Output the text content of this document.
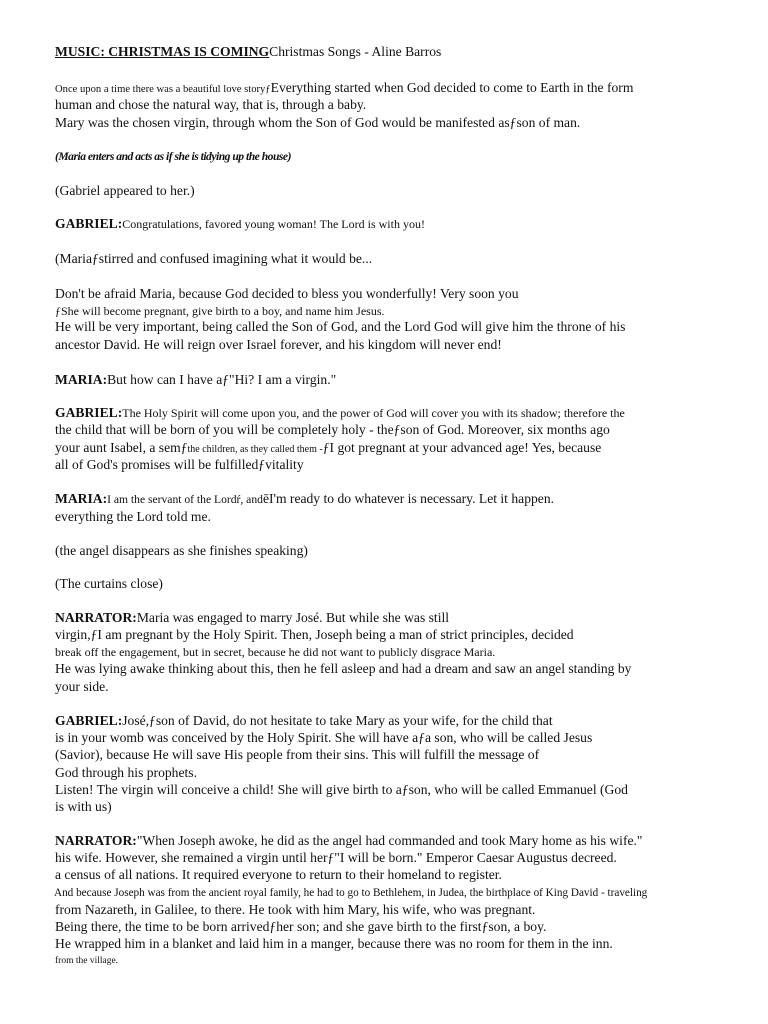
MUSIC: CHRISTMAS IS COMINGChristmas Songs - Aline Barros
Once upon a time there was a beautiful love storyƒEverything started when God decided to come to Earth in the form
human and chose the natural way, that is, through a baby.
Mary was the chosen virgin, through whom the Son of God would be manifested asƒson of man.
(Maria enters and acts as if she is tidying up the house)
(Gabriel appeared to her.)
GABRIEL:Congratulations, favored young woman! The Lord is with you!
(Mariaƒstirred and confused imagining what it would be...
Don't be afraid Maria, because God decided to bless you wonderfully! Very soon you
ƒShe will become pregnant, give birth to a boy, and name him Jesus.
He will be very important, being called the Son of God, and the Lord God will give him the throne of his
ancestor David. He will reign over Israel forever, and his kingdom will never end!
MARIA:But how can I have aƒ"Hi? I am a virgin."
GABRIEL:The Holy Spirit will come upon you, and the power of God will cover you with its shadow; therefore the
the child that will be born of you will be completely holy - theƒson of God. Moreover, six months ago
your aunt Isabel, a semƒthe children, as they called them -ƒI got pregnant at your advanced age! Yes, because
all of God's promises will be fulfilledƒvitality
MARIA:I am the servant of the Lordŕ, andēI'm ready to do whatever is necessary. Let it happen.
everything the Lord told me.
(the angel disappears as she finishes speaking)
(The curtains close)
NARRATOR:Maria was engaged to marry José. But while she was still
virgin,ƒI am pregnant by the Holy Spirit. Then, Joseph being a man of strict principles, decided
break off the engagement, but in secret, because he did not want to publicly disgrace Maria.
He was lying awake thinking about this, then he fell asleep and had a dream and saw an angel standing by
your side.
GABRIEL:José,ƒson of David, do not hesitate to take Mary as your wife, for the child that
is in your womb was conceived by the Holy Spirit. She will have aƒa son, who will be called Jesus
(Savior), because He will save His people from their sins. This will fulfill the message of
God through his prophets.
Listen! The virgin will conceive a child! She will give birth to aƒson, who will be called Emmanuel (God
is with us)
NARRATOR:"When Joseph awoke, he did as the angel had commanded and took Mary home as his wife."
his wife. However, she remained a virgin until herƒ"I will be born." Emperor Caesar Augustus decreed.
a census of all nations. It required everyone to return to their homeland to register.
And because Joseph was from the ancient royal family, he had to go to Bethlehem, in Judea, the birthplace of King David - traveling
from Nazareth, in Galilee, to there. He took with him Mary, his wife, who was pregnant.
Being there, the time to be born arrivedƒher son; and she gave birth to the firstƒson, a boy.
He wrapped him in a blanket and laid him in a manger, because there was no room for them in the inn.
from the village.
